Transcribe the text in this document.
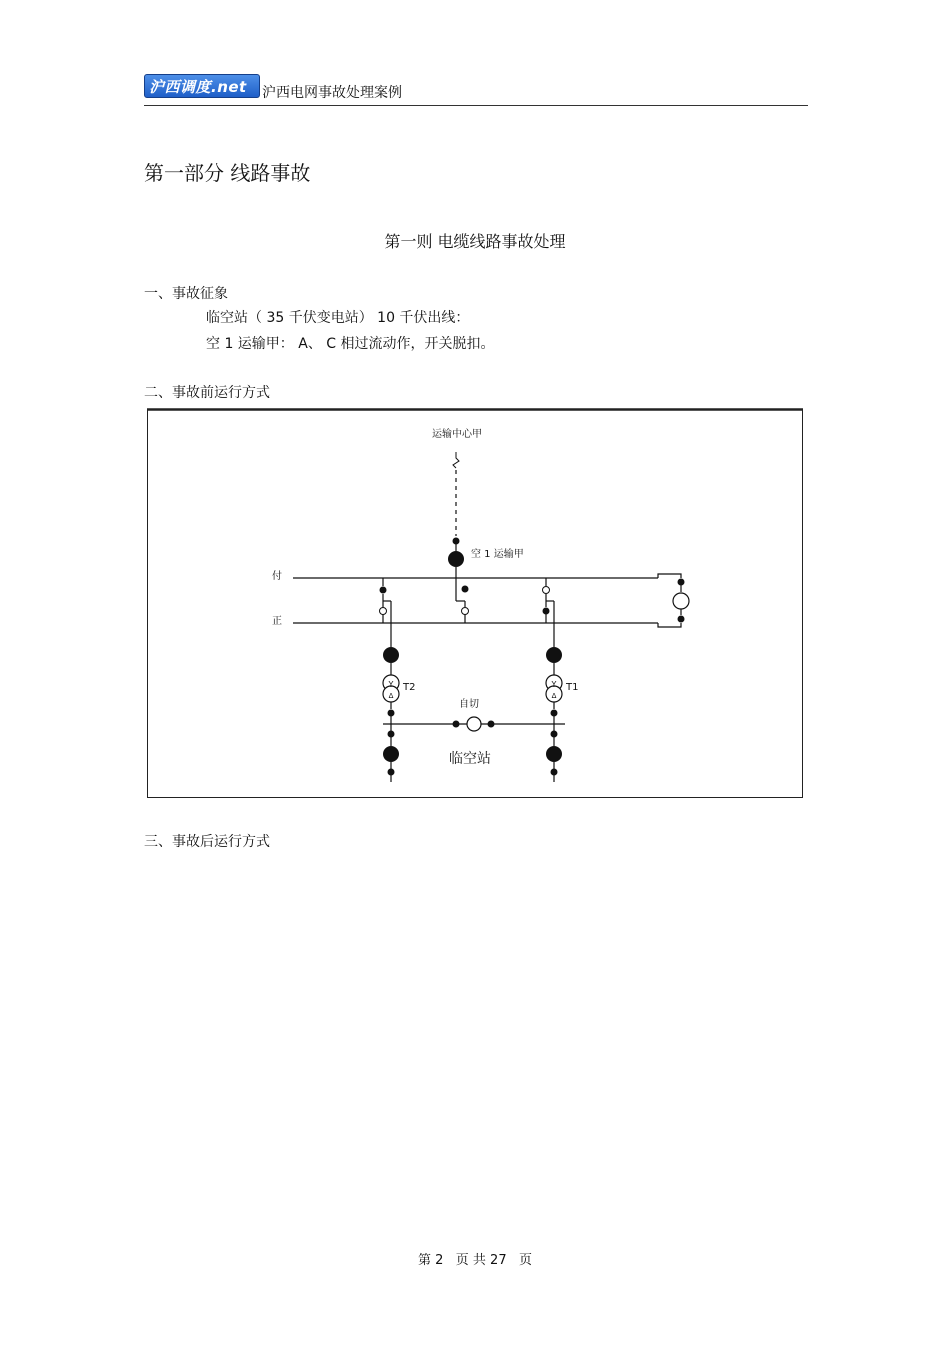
沪西调度.net 沪西电网事故处理案例
第一部分 线路事故
第一则 电缆线路事故处理
一、事故征象
临空站（ 35 千伏变电站） 10 千伏出线：
空 1 运输甲： A、 C 相过流动作，开关脱扣。
二、事故前运行方式
运输中心甲
空 1 运输甲
付
正
Y
Δ
T2	Y
Δ
T1
自切
临空站
三、事故后运行方式
第 2   页 共 27   页
